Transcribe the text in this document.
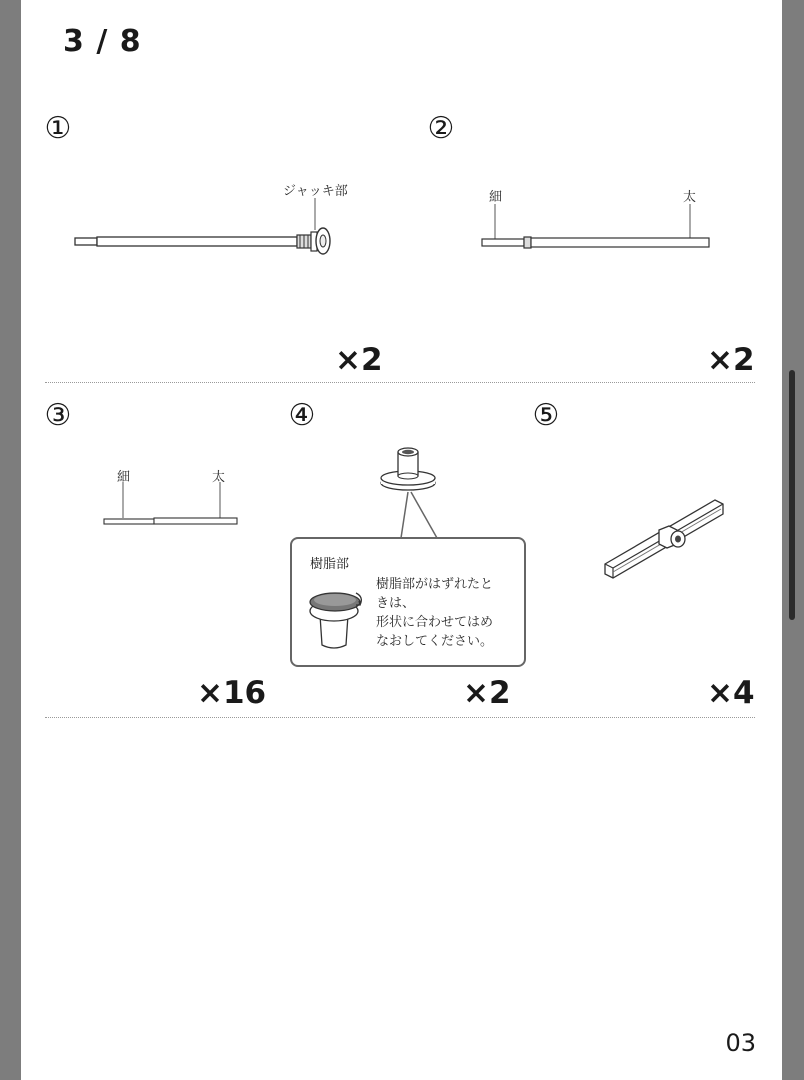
3 / 8
①
ジャッキ部
×2
②
細	太
×2
③
細	太
×16
④
樹脂部
樹脂部がはずれたと
きは、
形状に合わせてはめ
なおしてください。
×2
⑤
×4
03
